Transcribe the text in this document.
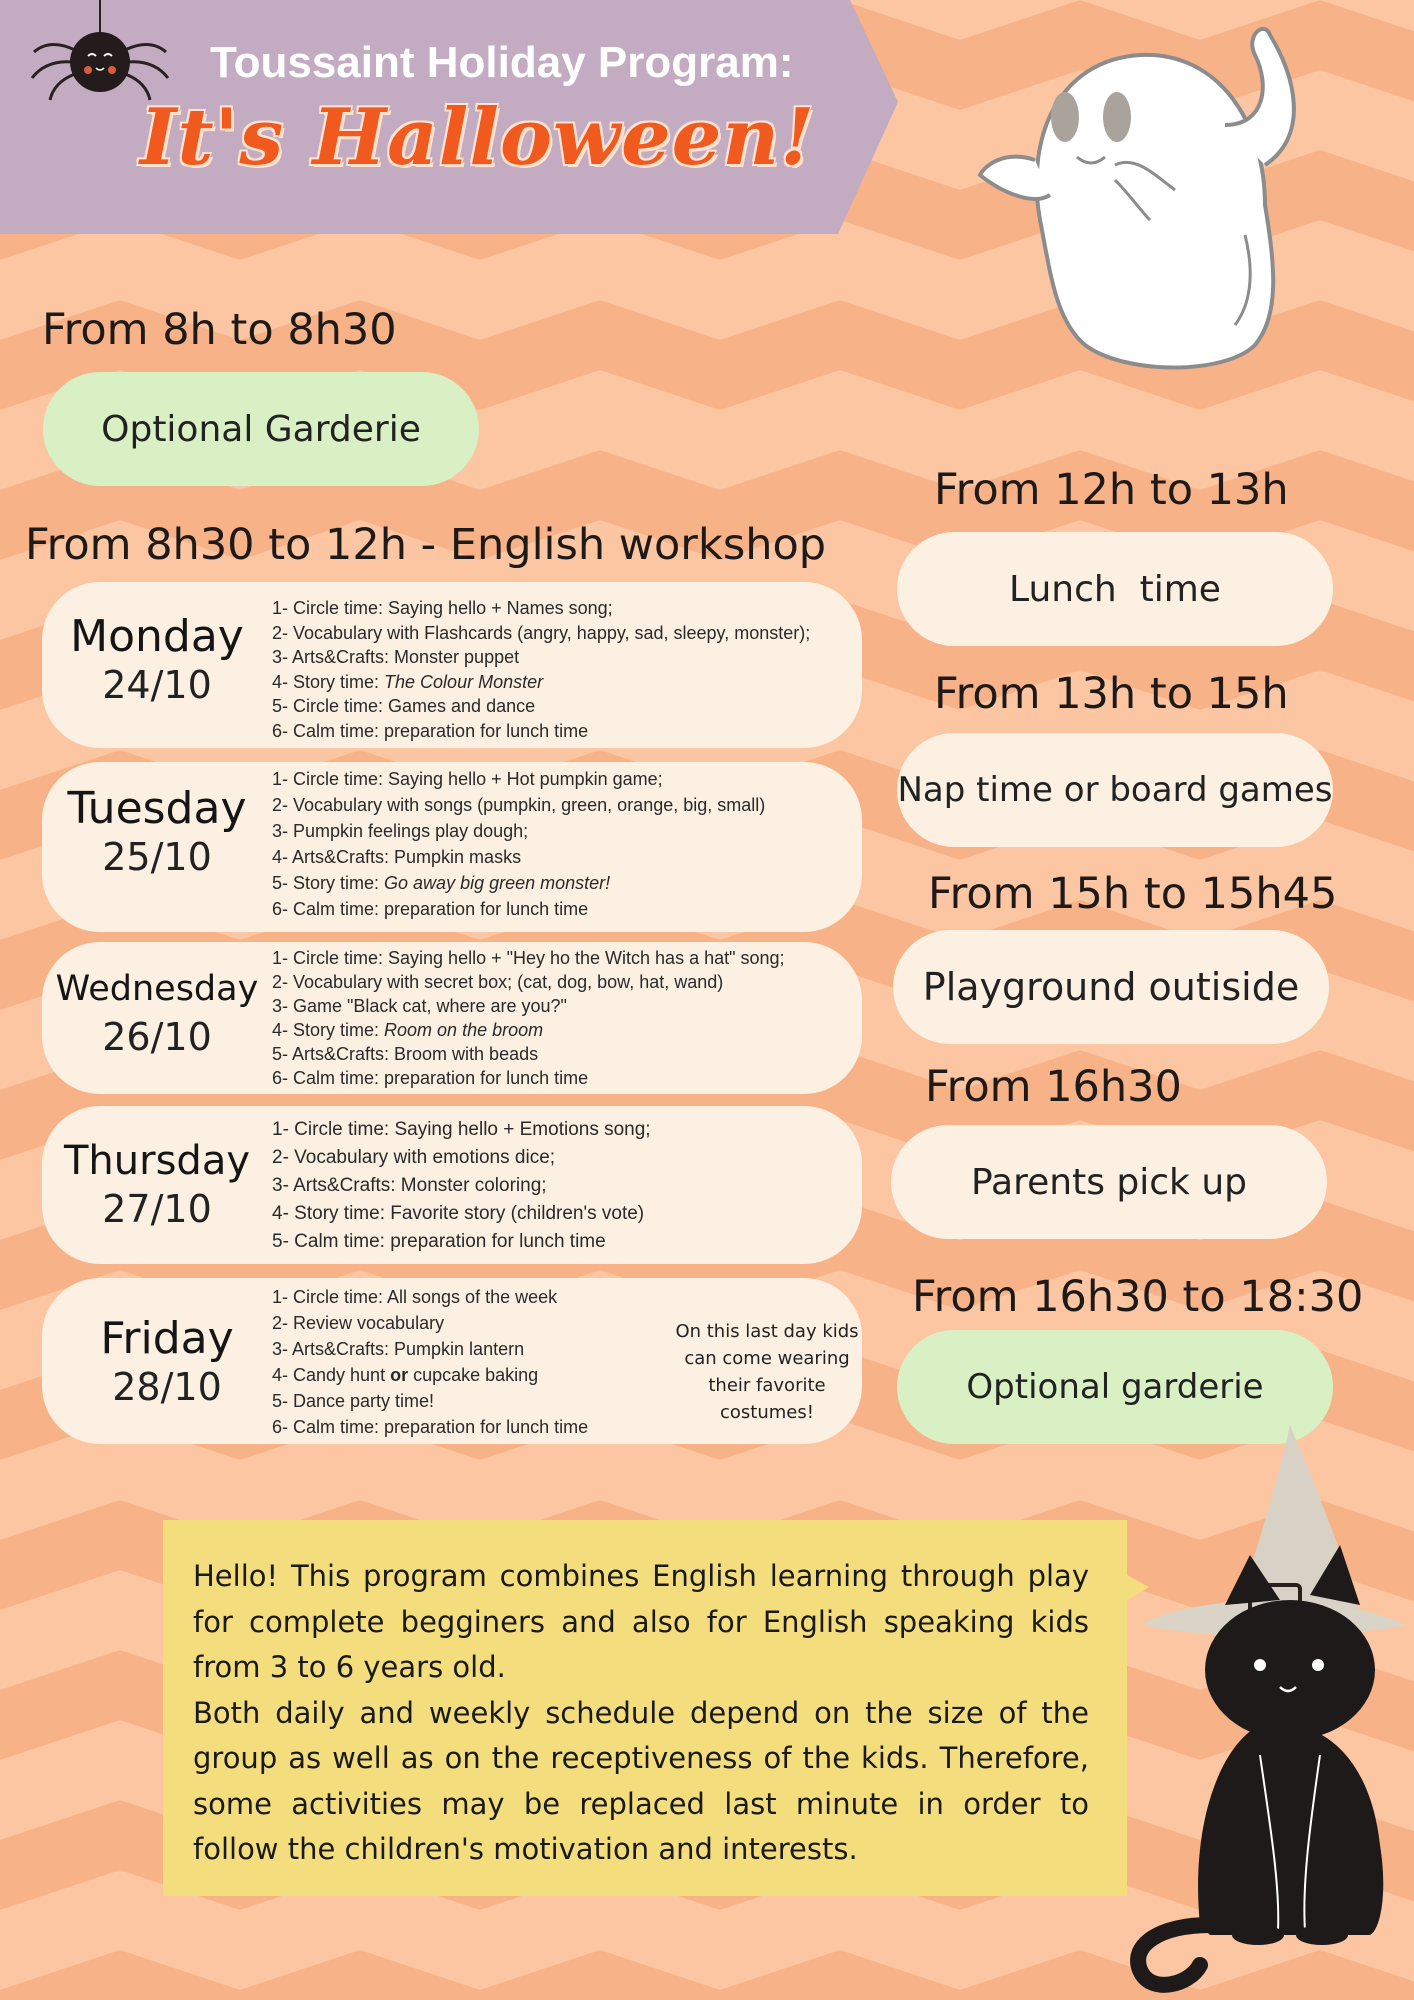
Toussaint Holiday Program:
It's Halloween!
From 8h to 8h30
Optional Garderie
From 8h30 to 12h - English workshop
Monday
24/10
1- Circle time: Saying hello + Names song;
2- Vocabulary with Flashcards (angry, happy, sad, sleepy, monster);
3- Arts&Crafts: Monster puppet
4- Story time: The Colour Monster
5- Circle time: Games and dance
6- Calm time: preparation for lunch time
Tuesday
25/10
1- Circle time: Saying hello + Hot pumpkin game;
2- Vocabulary with songs (pumpkin, green, orange, big, small)
3- Pumpkin feelings play dough;
4- Arts&Crafts: Pumpkin masks
5- Story time: Go away big green monster!
6- Calm time: preparation for lunch time
Wednesday
26/10
1- Circle time: Saying hello + "Hey ho the Witch has a hat" song;
2- Vocabulary with secret box; (cat, dog, bow, hat, wand)
3- Game "Black cat, where are you?"
4- Story time: Room on the broom
5- Arts&Crafts: Broom with beads
6- Calm time: preparation for lunch time
Thursday
27/10
1- Circle time: Saying hello + Emotions song;
2- Vocabulary with emotions dice;
3- Arts&Crafts: Monster coloring;
4- Story time: Favorite story (children's vote)
5- Calm time: preparation for lunch time
Friday
28/10
1- Circle time: All songs of the week
2- Review vocabulary
3- Arts&Crafts: Pumpkin lantern
4- Candy hunt or cupcake baking
5- Dance party time!
6- Calm time: preparation for lunch time
On this last day kids
can come wearing
their favorite
costumes!
From 12h to 13h
Lunch  time
From 13h to 15h
Nap time or board games
From 15h to 15h45
Playground outiside
From 16h30
Parents pick up
From 16h30 to 18:30
Optional garderie

Hello! This program combines English learning through play for complete begginers and also for English speaking kids from 3 to 6 years old.

Both daily and weekly schedule depend on the size of the group as well as on the receptiveness of the kids. Therefore, some activities may be replaced last minute in order to follow the children's motivation and interests.
